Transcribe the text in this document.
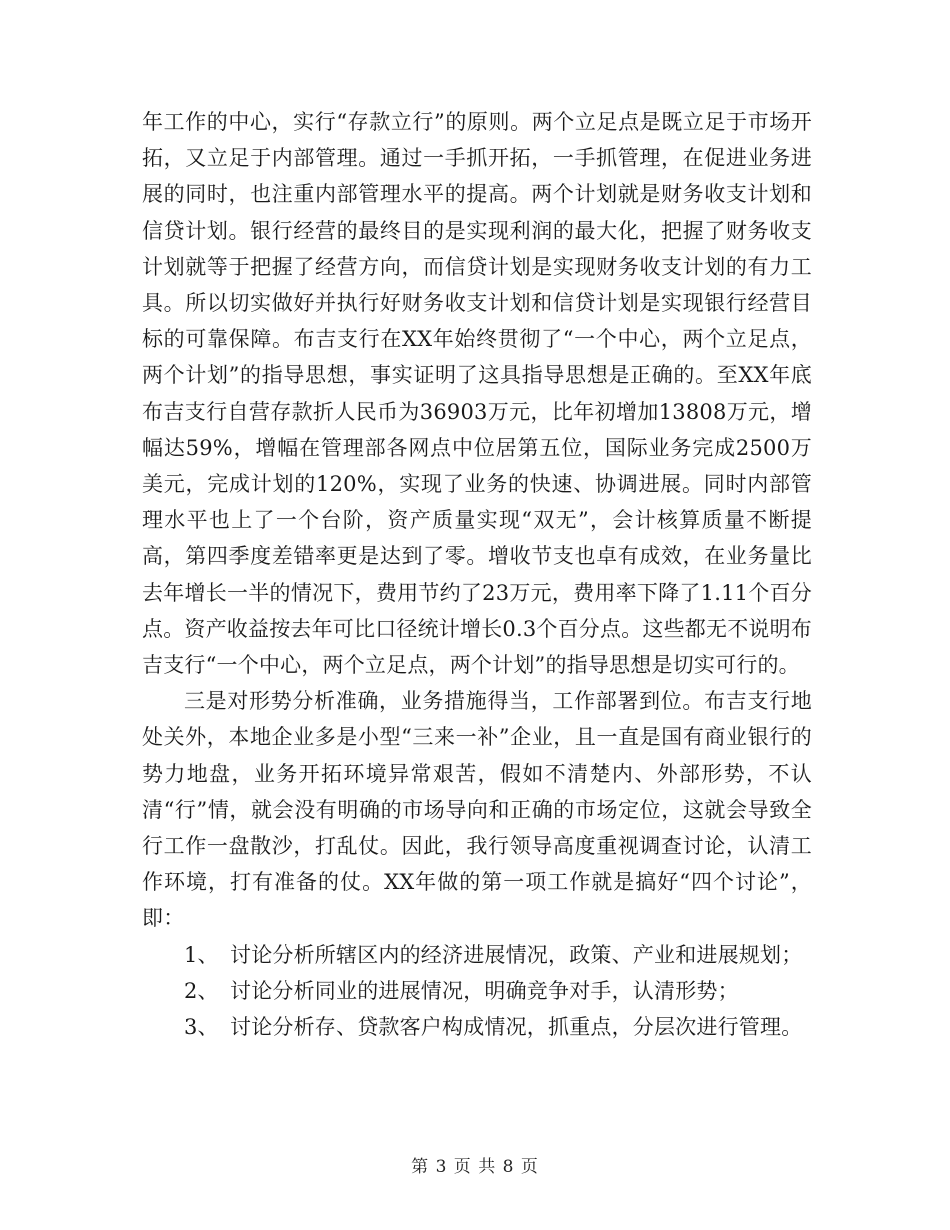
年工作的中心，实行“存款立行”的原则。两个立足点是既立足于市场开拓，又立足于内部管理。通过一手抓开拓，一手抓管理，在促进业务进展的同时，也注重内部管理水平的提高。两个计划就是财务收支计划和信贷计划。银行经营的最终目的是实现利润的最大化，把握了财务收支计划就等于把握了经营方向，而信贷计划是实现财务收支计划的有力工具。所以切实做好并执行好财务收支计划和信贷计划是实现银行经营目标的可靠保障。布吉支行在XX年始终贯彻了“一个中心，两个立足点，两个计划”的指导思想，事实证明了这具指导思想是正确的。至XX年底布吉支行自营存款折人民币为36903万元，比年初增加13808万元，增幅达59%，增幅在管理部各网点中位居第五位，国际业务完成2500万美元，完成计划的120%，实现了业务的快速、协调进展。同时内部管理水平也上了一个台阶，资产质量实现“双无”，会计核算质量不断提高，第四季度差错率更是达到了零。增收节支也卓有成效，在业务量比去年增长一半的情况下，费用节约了23万元，费用率下降了1.11个百分点。资产收益按去年可比口径统计增长0.3个百分点。这些都无不说明布吉支行“一个中心，两个立足点，两个计划”的指导思想是切实可行的。

三是对形势分析准确，业务措施得当，工作部署到位。布吉支行地处关外，本地企业多是小型“三来一补”企业，且一直是国有商业银行的势力地盘，业务开拓环境异常艰苦，假如不清楚内、外部形势，不认清“行”情，就会没有明确的市场导向和正确的市场定位，这就会导致全行工作一盘散沙，打乱仗。因此，我行领导高度重视调查讨论，认清工作环境，打有准备的仗。XX年做的第一项工作就是搞好“四个讨论”，即：

1、 讨论分析所辖区内的经济进展情况，政策、产业和进展规划；

2、 讨论分析同业的进展情况，明确竞争对手，认清形势；

3、 讨论分析存、贷款客户构成情况，抓重点，分层次进行管理。

第 3 页 共 8 页
